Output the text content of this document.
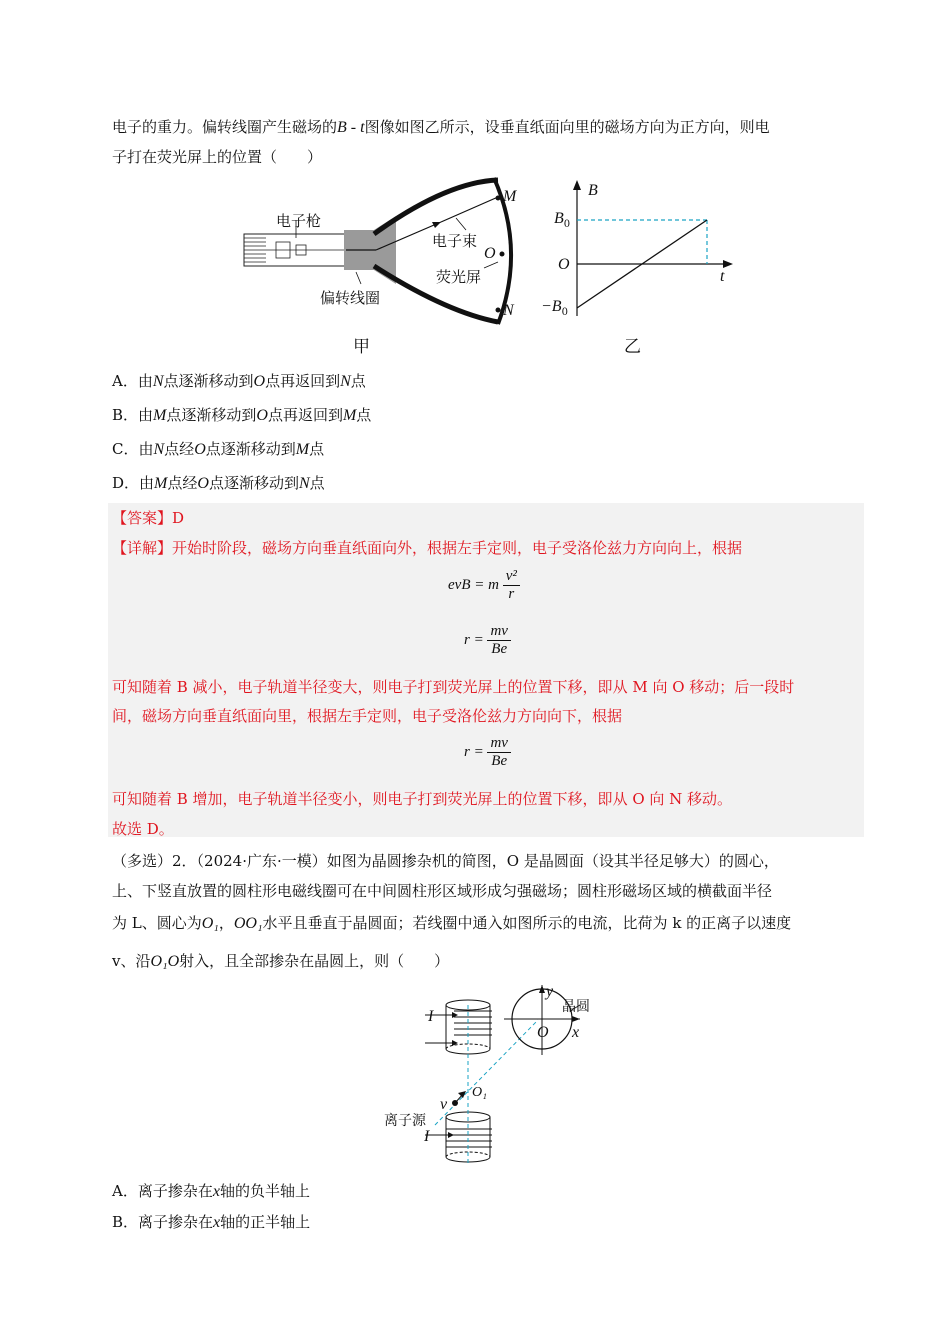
电子的重力。偏转线圈产生磁场的B - t图像如图乙所示，设垂直纸面向里的磁场方向为正方向，则电
子打在荧光屏上的位置（　　）
电子枪
电子束
荧光屏
偏转线圈
M
O
N
甲
B
t
O
$B_0$
$-B_0$
乙
A．由N点逐渐移动到O点再返回到N点
B．由M点逐渐移动到O点再返回到M点
C．由N点经O点逐渐移动到M点
D．由M点经O点逐渐移动到N点
【答案】D
【详解】开始时阶段，磁场方向垂直纸面向外，根据左手定则，电子受洛伦兹力方向向上，根据
evB = m $\frac{\text{v²}}{r}$
$r = \frac{mv}{Be}$
可知随着 B 减小，电子轨道半径变大，则电子打到荧光屏上的位置下移，即从 M 向 O 移动；后一段时
间，磁场方向垂直纸面向里，根据左手定则，电子受洛伦兹力方向向下，根据
$r = \frac{mv}{Be}$
可知随着 B 增加，电子轨道半径变小，则电子打到荧光屏上的位置下移，即从 O 向 N 移动。
故选 D。
（多选）2．（2024·广东·一模）如图为晶圆掺杂机的简图，O 是晶圆面（设其半径足够大）的圆心，
上、下竖直放置的圆柱形电磁线圈可在中间圆柱形区域形成匀强磁场；圆柱形磁场区域的横截面半径
为 L、圆心为O₁，OO₁水平且垂直于晶圆面；若线圈中通入如图所示的电流，比荷为 k 的正离子以速度
v、沿O₁O射入，且全部掺杂在晶圆上，则（　　）
I
I
y
x
O
晶圆
v
O₁
离子源
A．离子掺杂在x轴的负半轴上
B．离子掺杂在x轴的正半轴上
